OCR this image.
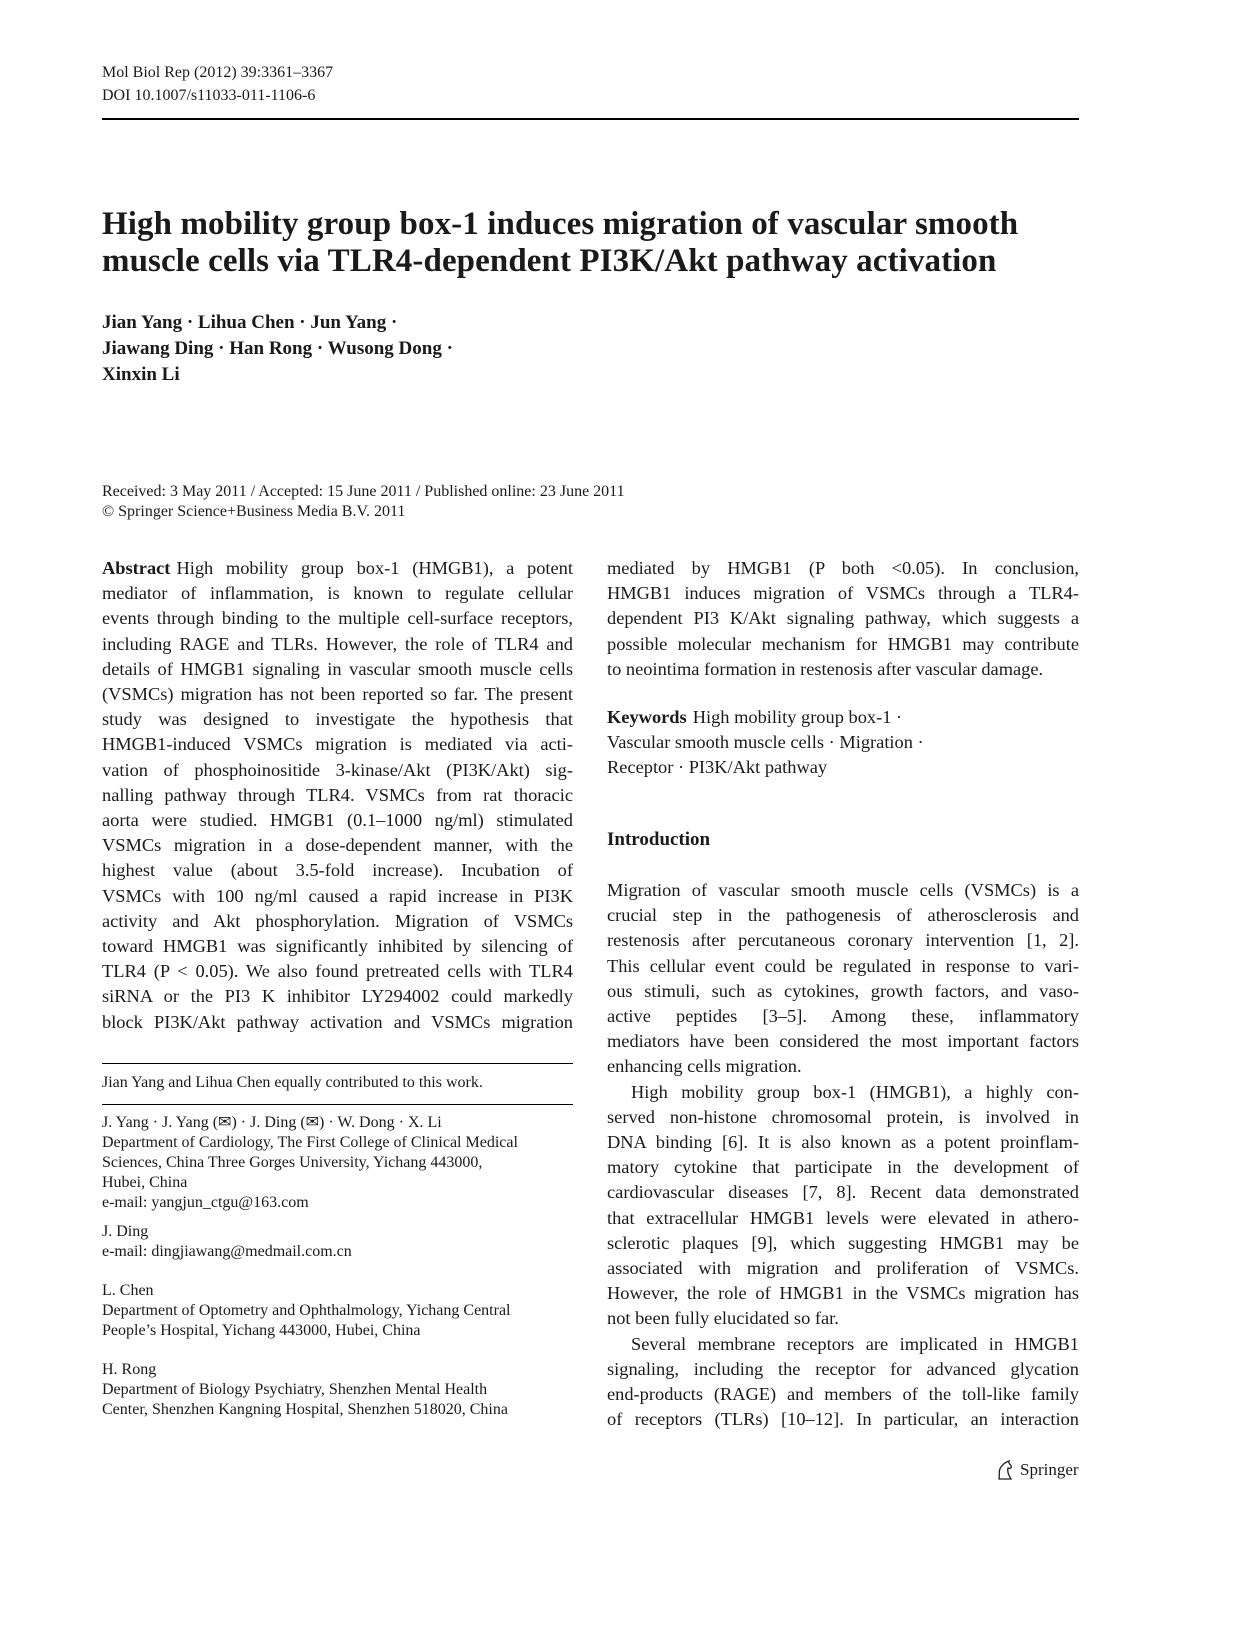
Mol Biol Rep (2012) 39:3361–3367
DOI 10.1007/s11033-011-1106-6
High mobility group box-1 induces migration of vascular smooth
muscle cells via TLR4-dependent PI3K/Akt pathway activation
Jian Yang · Lihua Chen · Jun Yang ·
Jiawang Ding · Han Rong · Wusong Dong ·
Xinxin Li
Received: 3 May 2011 / Accepted: 15 June 2011 / Published online: 23 June 2011
© Springer Science+Business Media B.V. 2011
Abstract High mobility group box-1 (HMGB1), a potent
mediator of inflammation, is known to regulate cellular
events through binding to the multiple cell-surface receptors,
including RAGE and TLRs. However, the role of TLR4 and
details of HMGB1 signaling in vascular smooth muscle cells
(VSMCs) migration has not been reported so far. The present
study was designed to investigate the hypothesis that
HMGB1-induced VSMCs migration is mediated via acti-
vation of phosphoinositide 3-kinase/Akt (PI3K/Akt) sig-
nalling pathway through TLR4. VSMCs from rat thoracic
aorta were studied. HMGB1 (0.1–1000 ng/ml) stimulated
VSMCs migration in a dose-dependent manner, with the
highest value (about 3.5-fold increase). Incubation of
VSMCs with 100 ng/ml caused a rapid increase in PI3K
activity and Akt phosphorylation. Migration of VSMCs
toward HMGB1 was significantly inhibited by silencing of
TLR4 (P < 0.05). We also found pretreated cells with TLR4
siRNA or the PI3 K inhibitor LY294002 could markedly
block PI3K/Akt pathway activation and VSMCs migration

Jian Yang and Lihua Chen equally contributed to this work.

J. Yang · J. Yang (✉) · J. Ding (✉) · W. Dong · X. Li

Department of Cardiology, The First College of Clinical Medical

Sciences, China Three Gorges University, Yichang 443000,

Hubei, China

e-mail: yangjun_ctgu@163.com

J. Ding

e-mail: dingjiawang@medmail.com.cn

L. Chen

Department of Optometry and Ophthalmology, Yichang Central

People’s Hospital, Yichang 443000, Hubei, China

H. Rong

Department of Biology Psychiatry, Shenzhen Mental Health

Center, Shenzhen Kangning Hospital, Shenzhen 518020, China

mediated by HMGB1 (P both <0.05). In conclusion,
HMGB1 induces migration of VSMCs through a TLR4-
dependent PI3 K/Akt signaling pathway, which suggests a
possible molecular mechanism for HMGB1 may contribute
to neointima formation in restenosis after vascular damage.
Keywords High mobility group box-1 ·
Vascular smooth muscle cells · Migration ·
Receptor · PI3K/Akt pathway
Introduction
Migration of vascular smooth muscle cells (VSMCs) is a
crucial step in the pathogenesis of atherosclerosis and
restenosis after percutaneous coronary intervention [1, 2].
This cellular event could be regulated in response to vari-
ous stimuli, such as cytokines, growth factors, and vaso-
active peptides [3–5]. Among these, inflammatory
mediators have been considered the most important factors
enhancing cells migration.
High mobility group box-1 (HMGB1), a highly con-
served non-histone chromosomal protein, is involved in
DNA binding [6]. It is also known as a potent proinflam-
matory cytokine that participate in the development of
cardiovascular diseases [7, 8]. Recent data demonstrated
that extracellular HMGB1 levels were elevated in athero-
sclerotic plaques [9], which suggesting HMGB1 may be
associated with migration and proliferation of VSMCs.
However, the role of HMGB1 in the VSMCs migration has
not been fully elucidated so far.
Several membrane receptors are implicated in HMGB1
signaling, including the receptor for advanced glycation
end-products (RAGE) and members of the toll-like family
of receptors (TLRs) [10–12]. In particular, an interaction
Springer
